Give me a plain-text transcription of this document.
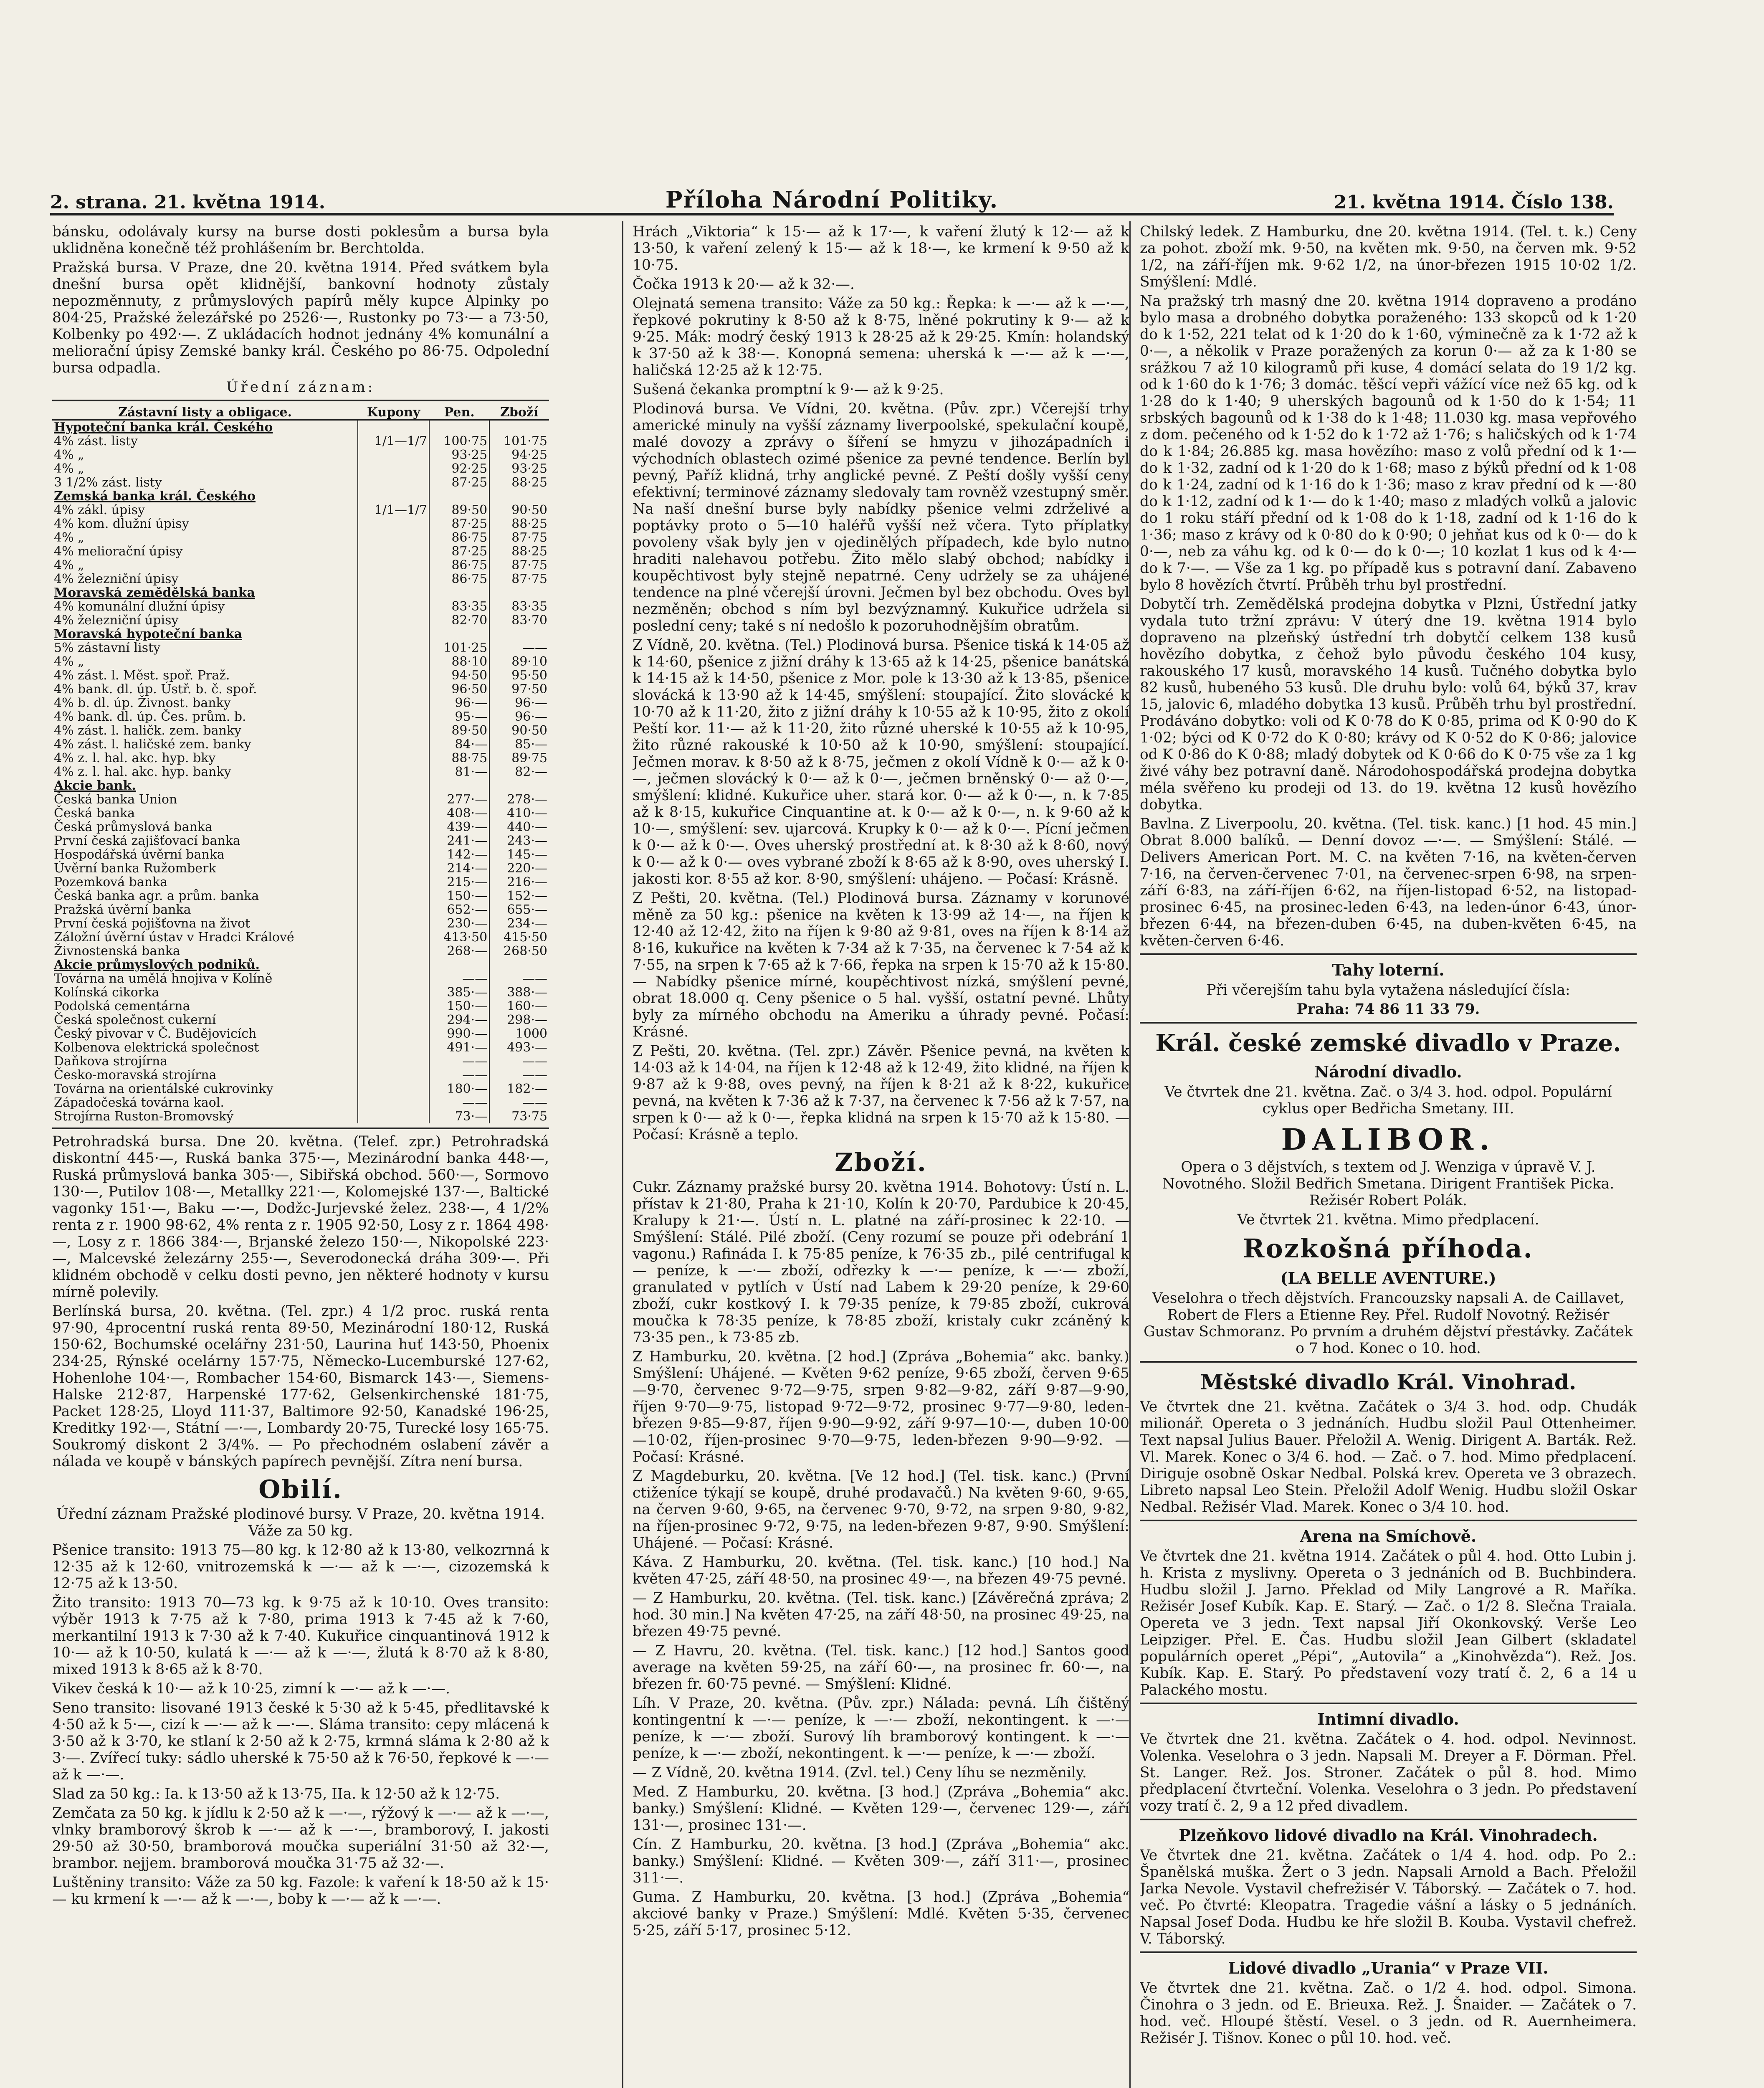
2. strana. 21. května 1914.	Příloha Národní Politiky.	21. května 1914. Číslo 138.

bánsku, odolávaly kursy na burse dosti poklesům a bursa byla uklidněna konečně též prohlášením br. Berchtolda.

Pražská bursa. V Praze, dne 20. května 1914. Před svátkem byla dnešní bursa opět klidnější, bankovní hodnoty zůstaly nepozměnnuty, z průmyslových papírů měly kupce Alpinky po 804·25, Pražské železářské po 2526·—, Rustonky po 73·— a 73·50, Kolbenky po 492·—. Z ukládacích hodnot jednány 4% komunální a meliorační úpisy Zemské banky král. Českého po 86·75. Odpolední bursa odpadla.

Úřední záznam:
Zástavní listy a obligace.	Kupony	Pen.	Zboží
Hypoteční banka král. Českého			
4% zást. listy	1/1—1/7	100·75	101·75
4% „		93·25	94·25
4% „		92·25	93·25
3 1/2% zást. listy		87·25	88·25
Zemská banka král. Českého			
4% zákl. úpisy	1/1—1/7	89·50	90·50
4% kom. dlužní úpisy		87·25	88·25
4% „		86·75	87·75
4% meliorační úpisy		87·25	88·25
4% „		86·75	87·75
4% železniční úpisy		86·75	87·75
Moravská zemědělská banka			
4% komunální dlužní úpisy		83·35	83·35
4% železniční úpisy		82·70	83·70
Moravská hypoteční banka			
5% zástavní listy		101·25	——
4% „		88·10	89·10
4% zást. l. Měst. spoř. Praž.		94·50	95·50
4% bank. dl. úp. Ústř. b. č. spoř.		96·50	97·50
4% b. dl. úp. Živnost. banky		96·—	96·—
4% bank. dl. úp. Čes. prům. b.		95·—	96·—
4% zást. l. haličk. zem. banky		89·50	90·50
4% zást. l. haličské zem. banky		84·—	85·—
4% z. l. hal. akc. hyp. bky		88·75	89·75
4% z. l. hal. akc. hyp. banky		81·—	82·—
Akcie bank.			
Česká banka Union		277·—	278·—
Česká banka		408·—	410·—
Česká průmyslová banka		439·—	440·—
První česká zajišťovací banka		241·—	243·—
Hospodářská úvěrní banka		142·—	145·—
Úvěrní banka Ružomberk		214·—	220·—
Pozemková banka		215·—	216·—
Česká banka agr. a prům. banka		150·—	152·—
Pražská úvěrní banka		652·—	655·—
První česká pojišťovna na život		230·—	234·—
Záložní úvěrní ústav v Hradci Králové		413·50	415·50
Živnostenská banka		268·—	268·50
Akcie průmyslových podniků.			
Továrna na umělá hnojiva v Kolíně		——	——
Kolínská cikorka		385·—	388·—
Podolská cementárna		150·—	160·—
Česká společnost cukerní		294·—	298·—
Český pivovar v Č. Budějovicích		990·—	1000
Kolbenova elektrická společnost		491·—	493·—
Daňkova strojírna		——	——
Česko-moravská strojírna		——	——
Továrna na orientálské cukrovinky		180·—	182·—
Západočeská továrna kaol.		——	——
Strojírna Ruston-Bromovský		73·—	73·75

Petrohradská bursa. Dne 20. května. (Telef. zpr.) Petrohradská diskontní 445·—, Ruská banka 375·—, Mezinárodní banka 448·—, Ruská průmyslová banka 305·—, Sibiřská obchod. 560·—, Sormovo 130·—, Putilov 108·—, Metallky 221·—, Kolomejské 137·—, Baltické vagonky 151·—, Baku —·—, Dodžc-Jurjevské želez. 238·—, 4 1/2% renta z r. 1900 98·62, 4% renta z r. 1905 92·50, Losy z r. 1864 498·—, Losy z r. 1866 384·—, Brjanské železo 150·—, Nikopolské 223·—, Malcevské železárny 255·—, Severodonecká dráha 309·—. Při klidném obchodě v celku dosti pevno, jen některé hodnoty v kursu mírně polevily.

Berlínská bursa, 20. května. (Tel. zpr.) 4 1/2 proc. ruská renta 97·90, 4procentní ruská renta 89·50, Mezinárodní 180·12, Ruská 150·62, Bochumské ocelářny 231·50, Laurina huť 143·50, Phoenix 234·25, Rýnské ocelárny 157·75, Německo-Lucemburské 127·62, Hohenlohe 104·—, Rombacher 154·60, Bismarck 143·—, Siemens-Halske 212·87, Harpenské 177·62, Gelsenkirchenské 181·75, Packet 128·25, Lloyd 111·37, Baltimore 92·50, Kanadské 196·25, Kreditky 192·—, Státní —·—, Lombardy 20·75, Turecké losy 165·75. Soukromý diskont 2 3/4%. — Po přechodném oslabení závěr a nálada ve koupě v bánských papírech pevnější. Zítra není bursa.

Obilí.

Úřední záznam Pražské plodinové bursy. V Praze, 20. května 1914. Váže za 50 kg.

Pšenice transito: 1913 75—80 kg. k 12·80 až k 13·80, velkozrnná k 12·35 až k 12·60, vnitrozemská k —·— až k —·—, cizozemská k 12·75 až k 13·50.

Žito transito: 1913 70—73 kg. k 9·75 až k 10·10. Oves transito: výběr 1913 k 7·75 až k 7·80, prima 1913 k 7·45 až k 7·60, merkantilní 1913 k 7·30 až k 7·40. Kukuřice cinquantinová 1912 k 10·— až k 10·50, kulatá k —·— až k —·—, žlutá k 8·70 až k 8·80, mixed 1913 k 8·65 až k 8·70.

Vikev česká k 10·— až k 10·25, zimní k —·— až k —·—.

Seno transito: lisované 1913 české k 5·30 až k 5·45, předlitavské k 4·50 až k 5·—, cizí k —·— až k —·—. Sláma transito: cepy mlácená k 3·50 až k 3·70, ke stlaní k 2·50 až k 2·75, krmná sláma k 2·80 až k 3·—. Zvířecí tuky: sádlo uherské k 75·50 až k 76·50, řepkové k —·— až k —·—.

Slad za 50 kg.: Ia. k 13·50 až k 13·75, IIa. k 12·50 až k 12·75.

Zemčata za 50 kg. k jídlu k 2·50 až k —·—, rýžový k —·— až k —·—, vlnky bramborový škrob k —·— až k —·—, bramborový, I. jakosti 29·50 až 30·50, bramborová moučka superiální 31·50 až 32·—, brambor. nejjem. bramborová moučka 31·75 až 32·—.

Luštěniny transito: Váže za 50 kg. Fazole: k vaření k 18·50 až k 15·— ku krmení k —·— až k —·—, boby k —·— až k —·—.

Hrách „Viktoria“ k 15·— až k 17·—, k vaření žlutý k 12·— až k 13·50, k vaření zelený k 15·— až k 18·—, ke krmení k 9·50 až k 10·75.

Čočka 1913 k 20·— až k 32·—.

Olejnatá semena transito: Váže za 50 kg.: Řepka: k —·— až k —·—, řepkové pokrutiny k 8·50 až k 8·75, lněné pokrutiny k 9·— až k 9·25. Mák: modrý český 1913 k 28·25 až k 29·25. Kmín: holandský k 37·50 až k 38·—. Konopná semena: uherská k —·— až k —·—, haličská 12·25 až k 12·75.

Sušená čekanka promptní k 9·— až k 9·25.

Plodinová bursa. Ve Vídni, 20. května. (Pův. zpr.) Včerejší trhy americké minuly na vyšší záznamy liverpoolské, spekulační koupě, malé dovozy a zprávy o šíření se hmyzu v jihozápadních i východních oblastech ozimé pšenice za pevné tendence. Berlín byl pevný, Paříž klidná, trhy anglické pevné. Z Peští došly vyšší ceny efektivní; terminové záznamy sledovaly tam rovněž vzestupný směr. Na naší dnešní burse byly nabídky pšenice velmi zdrželivé a poptávky proto o 5—10 haléřů vyšší než včera. Tyto příplatky povoleny však byly jen v ojedinělých případech, kde bylo nutno hraditi nalehavou potřebu. Žito mělo slabý obchod; nabídky i koupěchtivost byly stejně nepatrné. Ceny udržely se za uhájené tendence na plné včerejší úrovni. Ječmen byl bez obchodu. Oves byl nezměněn; obchod s ním byl bezvýznamný. Kukuřice udržela si poslední ceny; také s ní nedošlo k pozoruhodnějším obratům.

Z Vídně, 20. května. (Tel.) Plodinová bursa. Pšenice tiská k 14·05 až k 14·60, pšenice z jižní dráhy k 13·65 až k 14·25, pšenice banátská k 14·15 až k 14·50, pšenice z Mor. pole k 13·30 až k 13·85, pšenice slovácká k 13·90 až k 14·45, smýšlení: stoupající. Žito slovácké k 10·70 až k 11·20, žito z jižní dráhy k 10·55 až k 10·95, žito z okolí Peští kor. 11·— až k 11·20, žito různé uherské k 10·55 až k 10·95, žito různé rakouské k 10·50 až k 10·90, smýšlení: stoupající. Ječmen morav. k 8·50 až k 8·75, ječmen z okolí Vídně k 0·— až k 0·—, ječmen slovácký k 0·— až k 0·—, ječmen brněnský 0·— až 0·—, smýšlení: klidné. Kukuřice uher. stará kor. 0·— až k 0·—, n. k 7·85 až k 8·15, kukuřice Cinquantine at. k 0·— až k 0·—, n. k 9·60 až k 10·—, smýšlení: sev. ujarcová. Krupky k 0·— až k 0·—. Pícní ječmen k 0·— až k 0·—. Oves uherský prostřední at. k 8·30 až k 8·60, nový k 0·— až k 0·— oves vybrané zboží k 8·65 až k 8·90, oves uherský I. jakosti kor. 8·55 až kor. 8·90, smýšlení: uhájeno. — Počasí: Krásně.

Z Pešti, 20. května. (Tel.) Plodinová bursa. Záznamy v korunové měně za 50 kg.: pšenice na květen k 13·99 až 14·—, na říjen k 12·40 až 12·42, žito na říjen k 9·80 až 9·81, oves na říjen k 8·14 až 8·16, kukuřice na květen k 7·34 až k 7·35, na červenec k 7·54 až k 7·55, na srpen k 7·65 až k 7·66, řepka na srpen k 15·70 až k 15·80. — Nabídky pšenice mírné, koupěchtivost nízká, smýšlení pevné, obrat 18.000 q. Ceny pšenice o 5 hal. vyšší, ostatní pevné. Lhůty byly za mírného obchodu na Ameriku a úhrady pevné. Počasí: Krásné.

Z Pešti, 20. května. (Tel. zpr.) Závěr. Pšenice pevná, na květen k 14·03 až k 14·04, na říjen k 12·48 až k 12·49, žito klidné, na říjen k 9·87 až k 9·88, oves pevný, na říjen k 8·21 až k 8·22, kukuřice pevná, na květen k 7·36 až k 7·37, na červenec k 7·56 až k 7·57, na srpen k 0·— až k 0·—, řepka klidná na srpen k 15·70 až k 15·80. — Počasí: Krásně a teplo.

Zboží.

Cukr. Záznamy pražské bursy 20. května 1914. Bohotovy: Ústí n. L. přístav k 21·80, Praha k 21·10, Kolín k 20·70, Pardubice k 20·45, Kralupy k 21·—. Ústí n. L. platné na září-prosinec k 22·10. — Smýšlení: Stálé. Pilé zboží. (Ceny rozumí se pouze při odebrání 1 vagonu.) Rafináda I. k 75·85 peníze, k 76·35 zb., pilé centrifugal k — peníze, k —·— zboží, odřezky k —·— peníze, k —·— zboží, granulated v pytlích v Ústí nad Labem k 29·20 peníze, k 29·60 zboží, cukr kostkový I. k 79·35 peníze, k 79·85 zboží, cukrová moučka k 78·35 peníze, k 78·85 zboží, kristaly cukr zcáněný k 73·35 pen., k 73·85 zb.

Z Hamburku, 20. května. [2 hod.] (Zpráva „Bohemia“ akc. banky.) Smýšlení: Uhájené. — Květen 9·62 peníze, 9·65 zboží, červen 9·65—9·70, červenec 9·72—9·75, srpen 9·82—9·82, září 9·87—9·90, říjen 9·70—9·75, listopad 9·72—9·72, prosinec 9·77—9·80, leden-březen 9·85—9·87, říjen 9·90—9·92, září 9·97—10·—, duben 10·00—10·02, říjen-prosinec 9·70—9·75, leden-březen 9·90—9·92. — Počasí: Krásné.

Z Magdeburku, 20. května. [Ve 12 hod.] (Tel. tisk. kanc.) (První ctiženíce týkají se koupě, druhé prodavačů.) Na květen 9·60, 9·65, na červen 9·60, 9·65, na červenec 9·70, 9·72, na srpen 9·80, 9·82, na říjen-prosinec 9·72, 9·75, na leden-březen 9·87, 9·90. Smýšlení: Uhájené. — Počasí: Krásné.

Káva. Z Hamburku, 20. května. (Tel. tisk. kanc.) [10 hod.] Na květen 47·25, září 48·50, na prosinec 49·—, na březen 49·75 pevné.

— Z Hamburku, 20. května. (Tel. tisk. kanc.) [Závěrečná zpráva; 2 hod. 30 min.] Na květen 47·25, na září 48·50, na prosinec 49·25, na březen 49·75 pevné.

— Z Havru, 20. května. (Tel. tisk. kanc.) [12 hod.] Santos good average na květen 59·25, na září 60·—, na prosinec fr. 60·—, na březen fr. 60·75 pevné. — Smýšlení: Klidné.

Líh. V Praze, 20. května. (Pův. zpr.) Nálada: pevná. Líh čištěný kontingentní k —·— peníze, k —·— zboží, nekontingent. k —·— peníze, k —·— zboží. Surový líh bramborový kontingent. k —·— peníze, k —·— zboží, nekontingent. k —·— peníze, k —·— zboží.

— Z Vídně, 20. května 1914. (Zvl. tel.) Ceny líhu se nezměnily.

Med. Z Hamburku, 20. května. [3 hod.] (Zpráva „Bohemia“ akc. banky.) Smýšlení: Klidné. — Květen 129·—, červenec 129·—, září 131·—, prosinec 131·—.

Cín. Z Hamburku, 20. května. [3 hod.] (Zpráva „Bohemia“ akc. banky.) Smýšlení: Klidné. — Květen 309·—, září 311·—, prosinec 311·—.

Guma. Z Hamburku, 20. května. [3 hod.] (Zpráva „Bohemia“ akciové banky v Praze.) Smýšlení: Mdlé. Květen 5·35, červenec 5·25, září 5·17, prosinec 5·12.

Chilský ledek. Z Hamburku, dne 20. května 1914. (Tel. t. k.) Ceny za pohot. zboží mk. 9·50, na květen mk. 9·50, na červen mk. 9·52 1/2, na září-říjen mk. 9·62 1/2, na únor-březen 1915 10·02 1/2. Smýšlení: Mdlé.

Na pražský trh masný dne 20. května 1914 dopraveno a prodáno bylo masa a drobného dobytka poraženého: 133 skopců od k 1·20 do k 1·52, 221 telat od k 1·20 do k 1·60, výminečně za k 1·72 až k 0·—, a několik v Praze poražených za korun 0·— až za k 1·80 se srážkou 7 až 10 kilogramů při kuse, 4 domácí selata do 19 1/2 kg. od k 1·60 do k 1·76; 3 domác. těšcí vepři vážící více než 65 kg. od k 1·28 do k 1·40; 9 uherských bagounů od k 1·50 do k 1·54; 11 srbských bagounů od k 1·38 do k 1·48; 11.030 kg. masa vepřového z dom. pečeného od k 1·52 do k 1·72 až 1·76; s haličských od k 1·74 do k 1·84; 26.885 kg. masa hovězího: maso z volů přední od k 1·— do k 1·32, zadní od k 1·20 do k 1·68; maso z býků přední od k 1·08 do k 1·24, zadní od k 1·16 do k 1·36; maso z krav přední od k —·80 do k 1·12, zadní od k 1·— do k 1·40; maso z mladých volků a jalovic do 1 roku stáří přední od k 1·08 do k 1·18, zadní od k 1·16 do k 1·36; maso z krávy od k 0·80 do k 0·90; 0 jehňat kus od k 0·— do k 0·—, neb za váhu kg. od k 0·— do k 0·—; 10 kozlat 1 kus od k 4·— do k 7·—. — Vše za 1 kg. po případě kus s potravní daní. Zabaveno bylo 8 hovězích čtvrtí. Průběh trhu byl prostřední.

Dobytčí trh. Zemědělská prodejna dobytka v Plzni, Ústřední jatky vydala tuto tržní zprávu: V úterý dne 19. května 1914 bylo dopraveno na plzeňský ústřední trh dobytčí celkem 138 kusů hovězího dobytka, z čehož bylo původu českého 104 kusy, rakouského 17 kusů, moravského 14 kusů. Tučného dobytka bylo 82 kusů, hubeného 53 kusů. Dle druhu bylo: volů 64, býků 37, krav 15, jalovic 6, mladého dobytka 13 kusů. Průběh trhu byl prostřední. Prodáváno dobytko: voli od K 0·78 do K 0·85, prima od K 0·90 do K 1·02; býci od K 0·72 do K 0·80; krávy od K 0·52 do K 0·86; jalovice od K 0·86 do K 0·88; mladý dobytek od K 0·66 do K 0·75 vše za 1 kg živé váhy bez potravní daně. Národohospodářská prodejna dobytka méla svěřeno ku prodeji od 13. do 19. května 12 kusů hovězího dobytka.

Bavlna. Z Liverpoolu, 20. května. (Tel. tisk. kanc.) [1 hod. 45 min.] Obrat 8.000 balíků. — Denní dovoz —·—. — Smýšlení: Stálé. — Delivers American Port. M. C. na květen 7·16, na květen-červen 7·16, na červen-červenec 7·01, na červenec-srpen 6·98, na srpen-září 6·83, na září-říjen 6·62, na říjen-listopad 6·52, na listopad-prosinec 6·45, na prosinec-leden 6·43, na leden-únor 6·43, únor-březen 6·44, na březen-duben 6·45, na duben-květen 6·45, na květen-červen 6·46.

Tahy loterní.

Při včerejším tahu byla vytažena následující čísla:

Praha: 74 86 11 33 79.

Král. české zemské divadlo v Praze.
Národní divadlo.

Ve čtvrtek dne 21. května. Zač. o 3/4 3. hod. odpol. Populární cyklus oper Bedřicha Smetany. III.

DALIBOR.

Opera o 3 dějstvích, s textem od J. Wenziga v úpravě V. J. Novotného. Složil Bedřich Smetana. Dirigent František Picka. Režisér Robert Polák.

Ve čtvrtek 21. května. Mimo předplacení.

Rozkošná příhoda.
(LA BELLE AVENTURE.)

Veselohra o třech dějstvích. Francouzsky napsali A. de Caillavet, Robert de Flers a Etienne Rey. Přel. Rudolf Novotný. Režisér Gustav Schmoranz. Po prvním a druhém dějství přestávky. Začátek o 7 hod. Konec o 10. hod.

Městské divadlo Král. Vinohrad.

Ve čtvrtek dne 21. května. Začátek o 3/4 3. hod. odp. Chudák milionář. Opereta o 3 jednáních. Hudbu složil Paul Ottenheimer. Text napsal Julius Bauer. Přeložil A. Wenig. Dirigent A. Barták. Rež. Vl. Marek. Konec o 3/4 6. hod. — Zač. o 7. hod. Mimo předplacení. Diriguje osobně Oskar Nedbal. Polská krev. Opereta ve 3 obrazech. Libreto napsal Leo Stein. Přeložil Adolf Wenig. Hudbu složil Oskar Nedbal. Režisér Vlad. Marek. Konec o 3/4 10. hod.

Arena na Smíchově.

Ve čtvrtek dne 21. května 1914. Začátek o půl 4. hod. Otto Lubin j. h. Krista z myslivny. Opereta o 3 jednáních od B. Buchbindera. Hudbu složil J. Jarno. Překlad od Mily Langrové a R. Maříka. Režisér Josef Kubík. Kap. E. Starý. — Zač. o 1/2 8. Slečna Traiala. Opereta ve 3 jedn. Text napsal Jiří Okonkovský. Verše Leo Leipziger. Přel. E. Čas. Hudbu složil Jean Gilbert (skladatel populárních operet „Pépi“, „Autovila“ a „Kinohvězda“). Rež. Jos. Kubík. Kap. E. Starý. Po představení vozy tratí č. 2, 6 a 14 u Palackého mostu.

Intimní divadlo.

Ve čtvrtek dne 21. května. Začátek o 4. hod. odpol. Nevinnost. Volenka. Veselohra o 3 jedn. Napsali M. Dreyer a F. Dörman. Přel. St. Langer. Rež. Jos. Stroner. Začátek o půl 8. hod. Mimo předplacení čtvrteční. Volenka. Veselohra o 3 jedn. Po představení vozy tratí č. 2, 9 a 12 před divadlem.

Plzeňkovo lidové divadlo na Král. Vinohradech.

Ve čtvrtek dne 21. května. Začátek o 1/4 4. hod. odp. Po 2.: Španělská muška. Žert o 3 jedn. Napsali Arnold a Bach. Přeložil Jarka Nevole. Vystavil chefrežisér V. Táborský. — Začátek o 7. hod. več. Po čtvrté: Kleopatra. Tragedie vášní a lásky o 5 jednáních. Napsal Josef Doda. Hudbu ke hře složil B. Kouba. Vystavil chefrež. V. Táborský.

Lidové divadlo „Urania“ v Praze VII.

Ve čtvrtek dne 21. května. Zač. o 1/2 4. hod. odpol. Simona. Činohra o 3 jedn. od E. Brieuxa. Rež. J. Šnaider. — Začátek o 7. hod. več. Hloupé štěstí. Vesel. o 3 jedn. od R. Auernheimera. Režisér J. Tišnov. Konec o půl 10. hod. več.
